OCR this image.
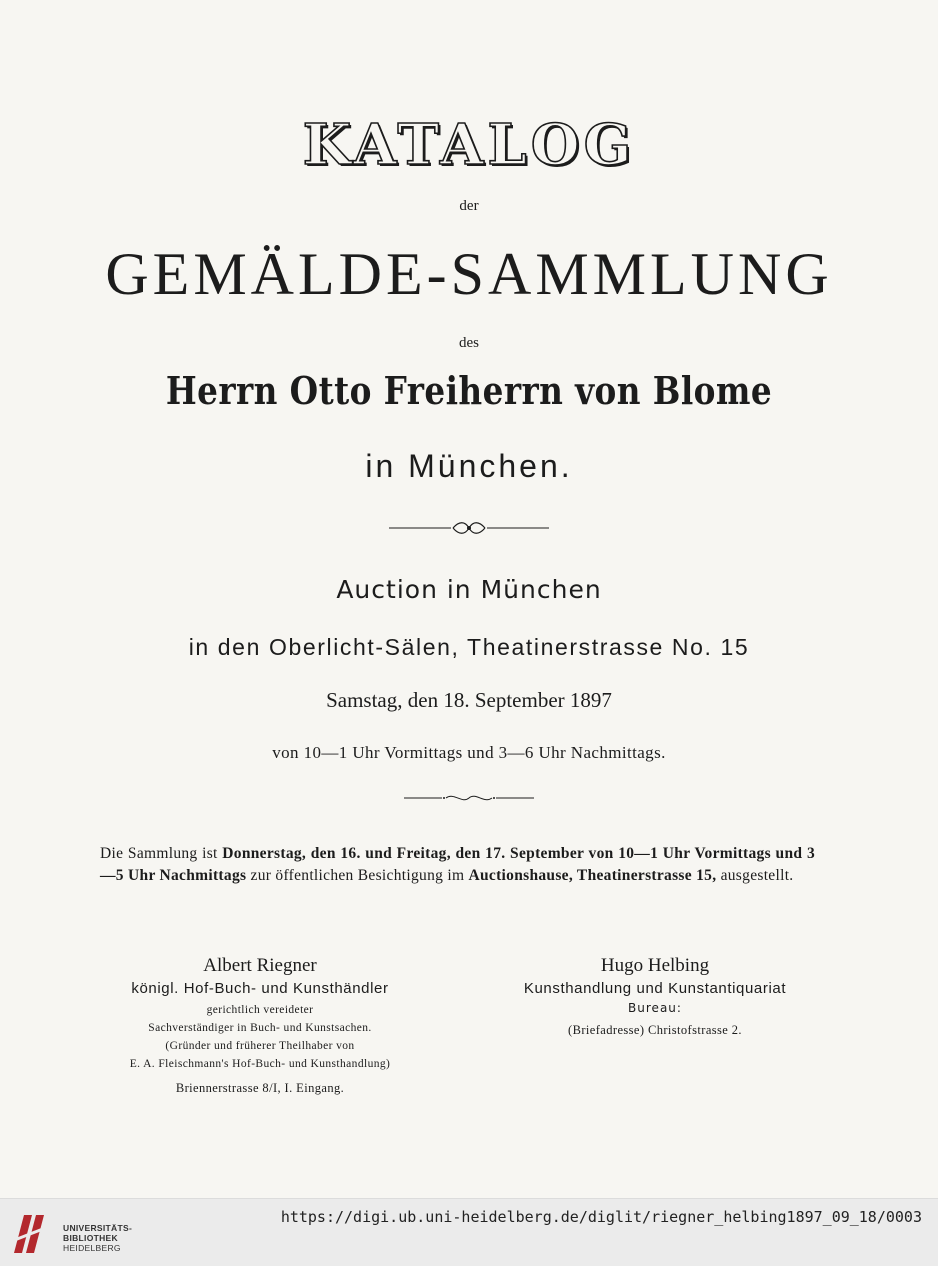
KATALOG
der
GEMÄLDE-SAMMLUNG
des
Herrn Otto Freiherrn von Blome
in München.
Auction in München
in den Oberlicht-Sälen, Theatinerstrasse No. 15
Samstag, den 18. September 1897
von 10—1 Uhr Vormittags und 3—6 Uhr Nachmittags.
Die Sammlung ist Donnerstag, den 16. und Freitag, den 17. September von 10—1 Uhr Vormittags und 3—5 Uhr Nachmittags zur öffentlichen Besichtigung im Auctionshause, Theatinerstrasse 15, ausgestellt.
Albert Riegner
königl. Hof-Buch- und Kunsthändler
gerichtlich vereideter
Sachverständiger in Buch- und Kunstsachen.
(Gründer und früherer Theilhaber von
E. A. Fleischmann's Hof-Buch- und Kunsthandlung)
Briennerstrasse 8/I, I. Eingang.
Hugo Helbing
Kunsthandlung und Kunstantiquariat
Bureau:
(Briefadresse) Christofstrasse 2.
UNIVERSITÄTS-
BIBLIOTHEK
HEIDELBERG
https://digi.ub.uni-heidelberg.de/diglit/riegner_helbing1897_09_18/0003
